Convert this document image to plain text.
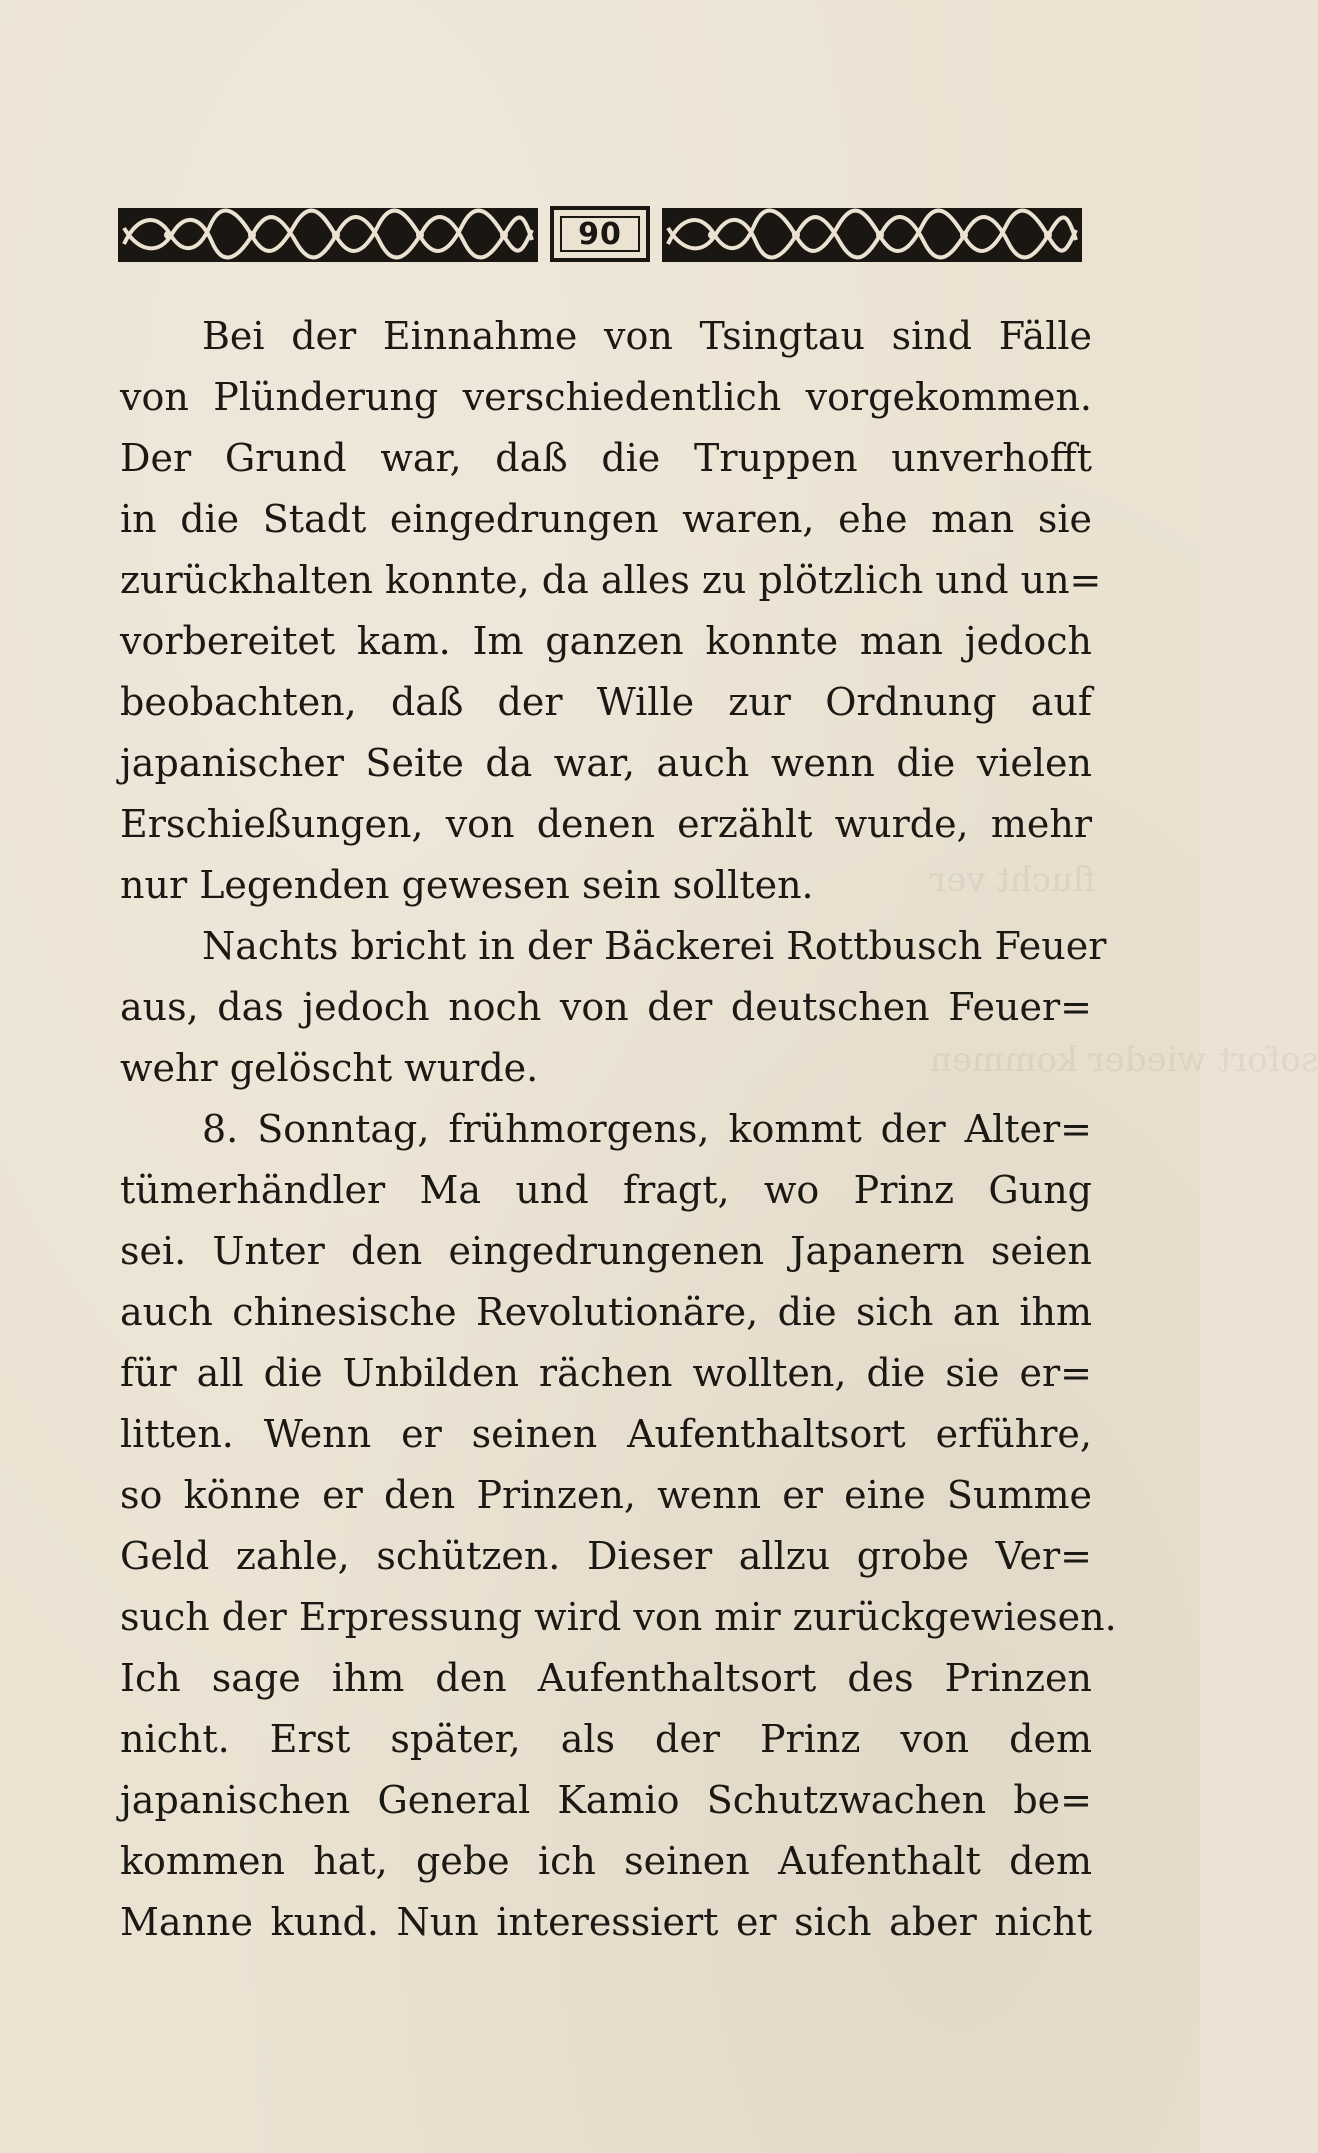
flucht ver
sofort wieder kommen
90
Bei der Einnahme von Tsingtau sind Fälle
von Plünderung verschiedentlich vorgekommen.
Der Grund war, daß die Truppen unverhofft
in die Stadt eingedrungen waren, ehe man sie
zurückhalten konnte, da alles zu plötzlich und un=
vorbereitet kam. Im ganzen konnte man jedoch
beobachten, daß der Wille zur Ordnung auf
japanischer Seite da war, auch wenn die vielen
Erschießungen, von denen erzählt wurde, mehr
nur Legenden gewesen sein sollten.
Nachts bricht in der Bäckerei Rottbusch Feuer
aus, das jedoch noch von der deutschen Feuer=
wehr gelöscht wurde.
8. Sonntag, frühmorgens, kommt der Alter=
tümerhändler Ma und fragt, wo Prinz Gung
sei. Unter den eingedrungenen Japanern seien
auch chinesische Revolutionäre, die sich an ihm
für all die Unbilden rächen wollten, die sie er=
litten. Wenn er seinen Aufenthaltsort erführe,
so könne er den Prinzen, wenn er eine Summe
Geld zahle, schützen. Dieser allzu grobe Ver=
such der Erpressung wird von mir zurückgewiesen.
Ich sage ihm den Aufenthaltsort des Prinzen
nicht. Erst später, als der Prinz von dem
japanischen General Kamio Schutzwachen be=
kommen hat, gebe ich seinen Aufenthalt dem
Manne kund. Nun interessiert er sich aber nicht
